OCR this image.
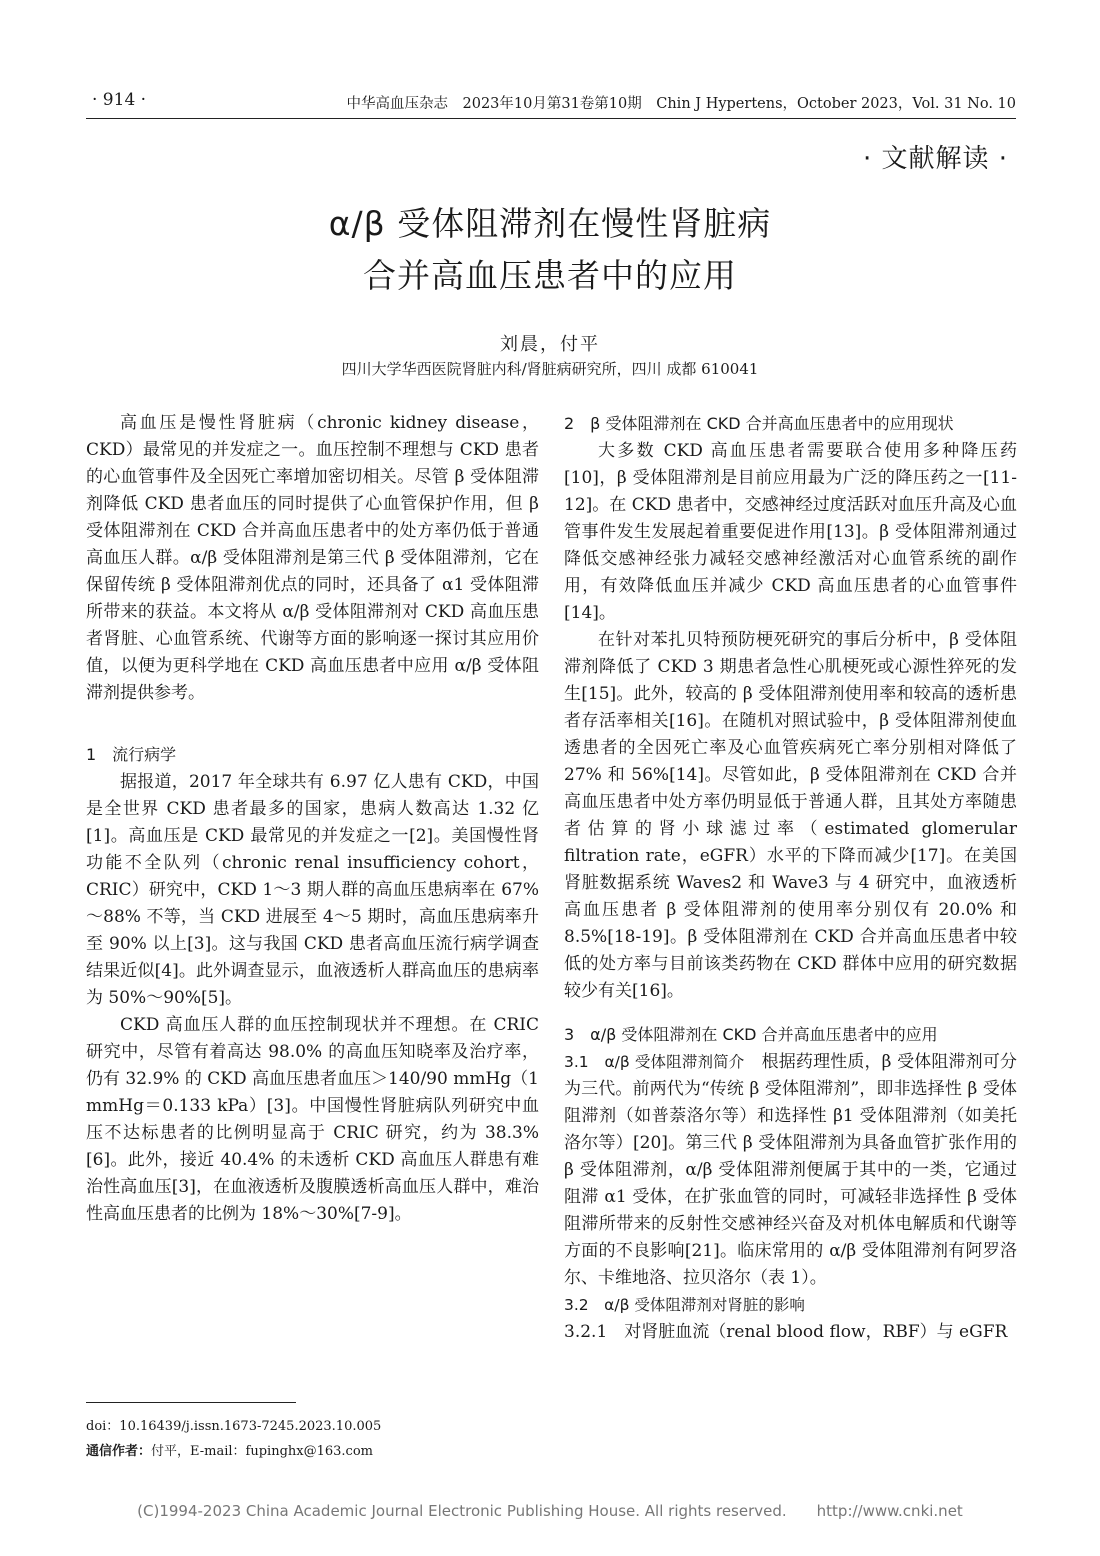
· 914 ·	中华高血压杂志　2023年10月第31卷第10期　Chin J Hypertens，October 2023，Vol. 31 No. 10
· 文献解读 ·
α/β 受体阻滞剂在慢性肾脏病
合并高血压患者中的应用
刘晨，付平
四川大学华西医院肾脏内科/肾脏病研究所，四川 成都 610041

高血压是慢性肾脏病（chronic kidney disease，CKD）最常见的并发症之一。血压控制不理想与 CKD 患者的心血管事件及全因死亡率增加密切相关。尽管 β 受体阻滞剂降低 CKD 患者血压的同时提供了心血管保护作用，但 β 受体阻滞剂在 CKD 合并高血压患者中的处方率仍低于普通高血压人群。α/β 受体阻滞剂是第三代 β 受体阻滞剂，它在保留传统 β 受体阻滞剂优点的同时，还具备了 α1 受体阻滞所带来的获益。本文将从 α/β 受体阻滞剂对 CKD 高血压患者肾脏、心血管系统、代谢等方面的影响逐一探讨其应用价值，以便为更科学地在 CKD 高血压患者中应用 α/β 受体阻滞剂提供参考。

1　流行病学

据报道，2017 年全球共有 6.97 亿人患有 CKD，中国是全世界 CKD 患者最多的国家，患病人数高达 1.32 亿[1]。高血压是 CKD 最常见的并发症之一[2]。美国慢性肾功能不全队列（chronic renal insufficiency cohort，CRIC）研究中，CKD 1～3 期人群的高血压患病率在 67%～88% 不等，当 CKD 进展至 4～5 期时，高血压患病率升至 90% 以上[3]。这与我国 CKD 患者高血压流行病学调查结果近似[4]。此外调查显示，血液透析人群高血压的患病率为 50%～90%[5]。

CKD 高血压人群的血压控制现状并不理想。在 CRIC 研究中，尽管有着高达 98.0% 的高血压知晓率及治疗率，仍有 32.9% 的 CKD 高血压患者血压＞140/90 mmHg（1 mmHg＝0.133 kPa）[3]。中国慢性肾脏病队列研究中血压不达标患者的比例明显高于 CRIC 研究，约为 38.3%[6]。此外，接近 40.4% 的未透析 CKD 高血压人群患有难治性高血压[3]，在血液透析及腹膜透析高血压人群中，难治性高血压患者的比例为 18%～30%[7-9]。

2　β 受体阻滞剂在 CKD 合并高血压患者中的应用现状

大多数 CKD 高血压患者需要联合使用多种降压药[10]，β 受体阻滞剂是目前应用最为广泛的降压药之一[11-12]。在 CKD 患者中，交感神经过度活跃对血压升高及心血管事件发生发展起着重要促进作用[13]。β 受体阻滞剂通过降低交感神经张力减轻交感神经激活对心血管系统的副作用，有效降低血压并减少 CKD 高血压患者的心血管事件[14]。

在针对苯扎贝特预防梗死研究的事后分析中，β 受体阻滞剂降低了 CKD 3 期患者急性心肌梗死或心源性猝死的发生[15]。此外，较高的 β 受体阻滞剂使用率和较高的透析患者存活率相关[16]。在随机对照试验中，β 受体阻滞剂使血透患者的全因死亡率及心血管疾病死亡率分别相对降低了 27% 和 56%[14]。尽管如此，β 受体阻滞剂在 CKD 合并高血压患者中处方率仍明显低于普通人群，且其处方率随患者估算的肾小球滤过率（estimated glomerular filtration rate，eGFR）水平的下降而减少[17]。在美国肾脏数据系统 Waves2 和 Wave3 与 4 研究中，血液透析高血压患者 β 受体阻滞剂的使用率分别仅有 20.0% 和 8.5%[18-19]。β 受体阻滞剂在 CKD 合并高血压患者中较低的处方率与目前该类药物在 CKD 群体中应用的研究数据较少有关[16]。

3　α/β 受体阻滞剂在 CKD 合并高血压患者中的应用

3.1　α/β 受体阻滞剂简介　 根据药理性质，β 受体阻滞剂可分为三代。前两代为“传统 β 受体阻滞剂”，即非选择性 β 受体阻滞剂（如普萘洛尔等）和选择性 β1 受体阻滞剂（如美托洛尔等）[20]。第三代 β 受体阻滞剂为具备血管扩张作用的 β 受体阻滞剂，α/β 受体阻滞剂便属于其中的一类，它通过阻滞 α1 受体，在扩张血管的同时，可减轻非选择性 β 受体阻滞所带来的反射性交感神经兴奋及对机体电解质和代谢等方面的不良影响[21]。临床常用的 α/β 受体阻滞剂有阿罗洛尔、卡维地洛、拉贝洛尔（表 1）。

3.2　α/β 受体阻滞剂对肾脏的影响

3.2.1　对肾脏血流（renal blood flow，RBF）与 eGFR

doi：10.16439/j.issn.1673-7245.2023.10.005
通信作者：付平，E-mail：fupinghx@163.com
(C)1994-2023 China Academic Journal Electronic Publishing House. All rights reserved.　　http://www.cnki.net
